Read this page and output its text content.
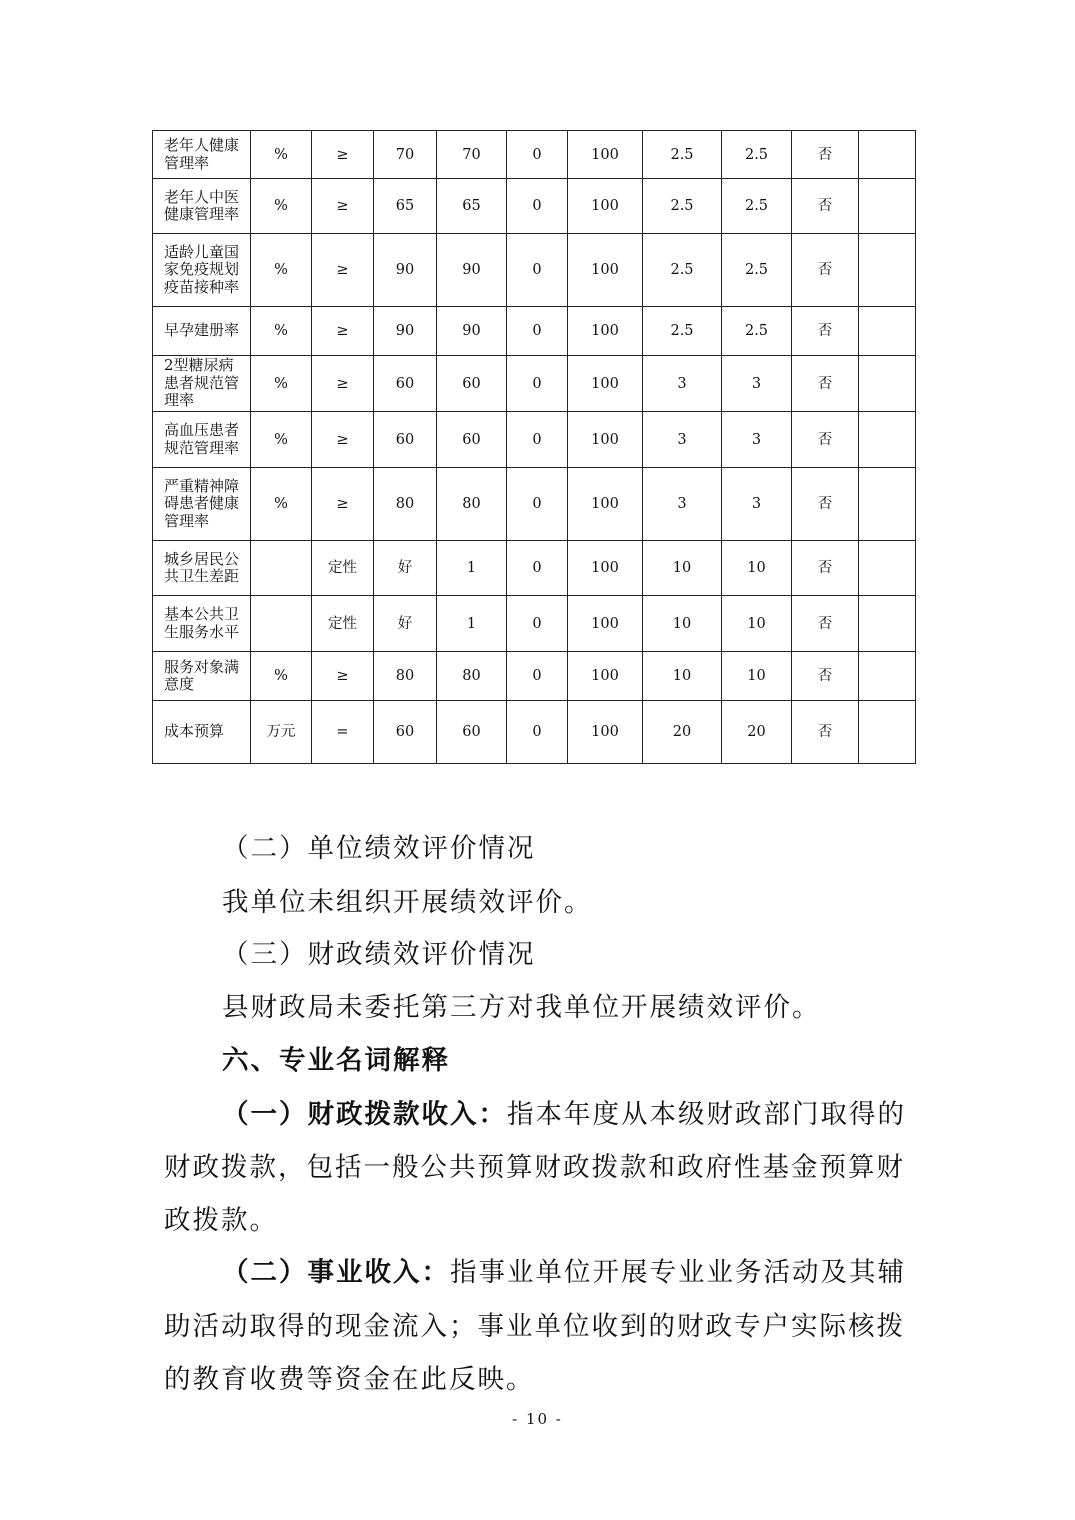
老年人健康
管理率	%	≥	70	70	0	100	2.5	2.5	否	
老年人中医
健康管理率	%	≥	65	65	0	100	2.5	2.5	否	
适龄儿童国
家免疫规划
疫苗接种率	%	≥	90	90	0	100	2.5	2.5	否	
早孕建册率	%	≥	90	90	0	100	2.5	2.5	否	
2型糖尿病
患者规范管
理率	%	≥	60	60	0	100	3	3	否	
高血压患者
规范管理率	%	≥	60	60	0	100	3	3	否	
严重精神障
碍患者健康
管理率	%	≥	80	80	0	100	3	3	否	
城乡居民公
共卫生差距		定性	好	1	0	100	10	10	否	
基本公共卫
生服务水平		定性	好	1	0	100	10	10	否	
服务对象满
意度	%	≥	80	80	0	100	10	10	否	
成本预算	万元	=	60	60	0	100	20	20	否	

（二）单位绩效评价情况

我单位未组织开展绩效评价。

（三）财政绩效评价情况

县财政局未委托第三方对我单位开展绩效评价。

六、专业名词解释

（一）财政拨款收入：指本年度从本级财政部门取得的

财政拨款，包括一般公共预算财政拨款和政府性基金预算财

政拨款。

（二）事业收入：指事业单位开展专业业务活动及其辅

助活动取得的现金流入；事业单位收到的财政专户实际核拨

的教育收费等资金在此反映。

- 10 -
